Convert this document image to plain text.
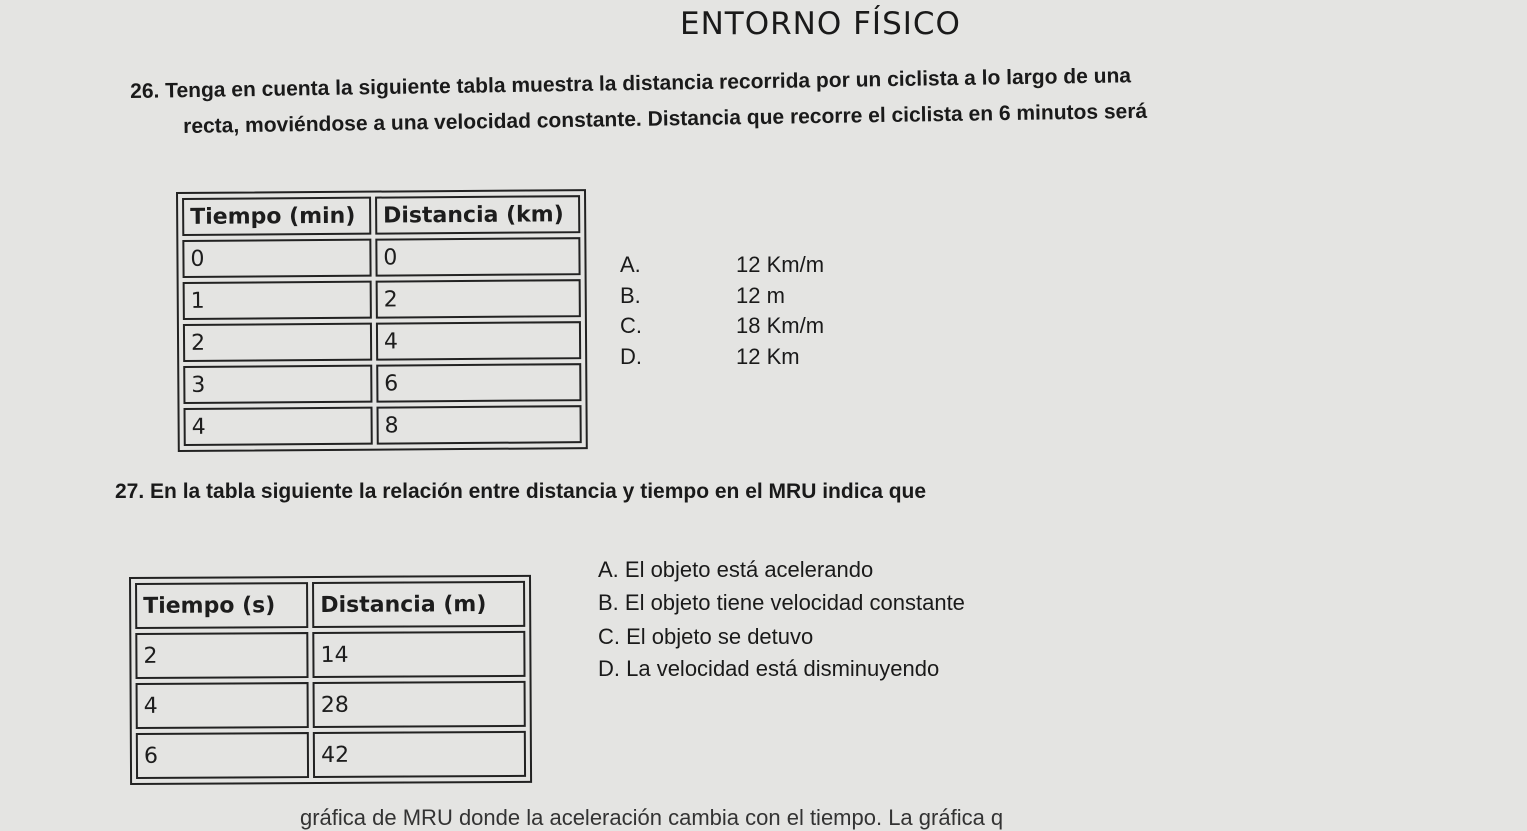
ENTORNO FÍSICO
26. Tenga en cuenta la siguiente tabla muestra la distancia recorrida por un ciclista a lo largo de una
recta, moviéndose a una velocidad constante. Distancia que recorre el ciclista en 6 minutos será
Tiempo (min)	Distancia (km)
0	0
1	2
2	4
3	6
4	8
A.	12 Km/m
B.	12 m
C.	18 Km/m
D.	12 Km
27. En la tabla siguiente la relación entre distancia y tiempo en el MRU indica que
Tiempo (s)	Distancia (m)
2	14
4	28
6	42
A. El objeto está acelerando
B. El objeto tiene velocidad constante
C. El objeto se detuvo
D. La velocidad está disminuyendo
gráfica de MRU donde la aceleración cambia con el tiempo. La gráfica q
